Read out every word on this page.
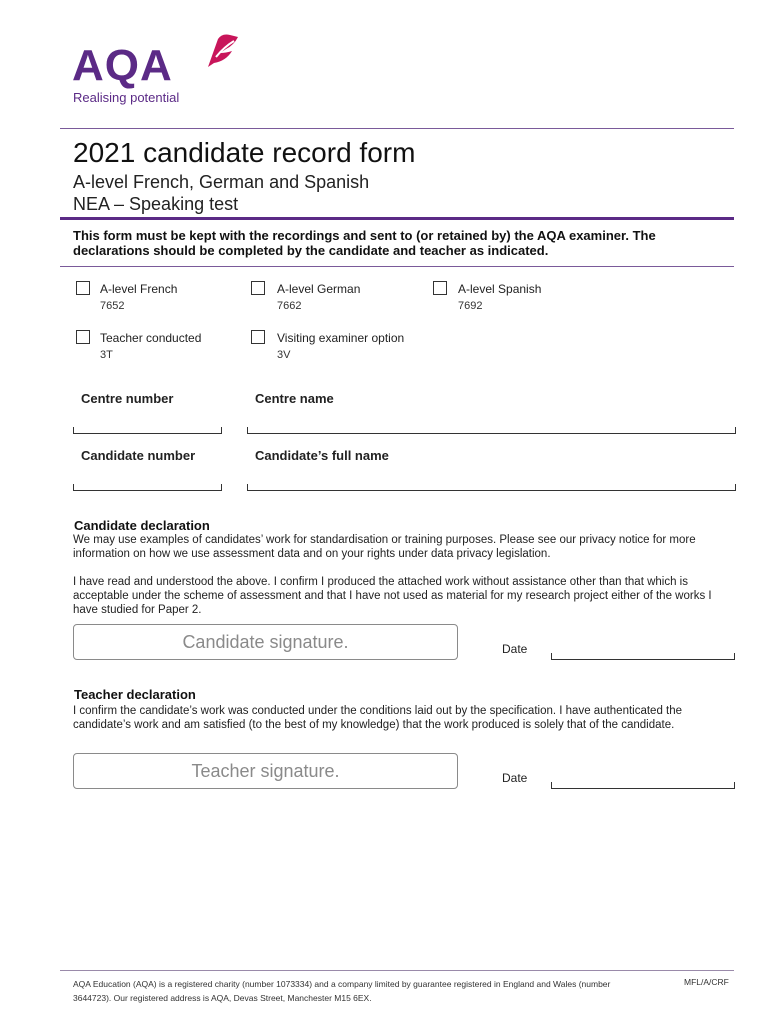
AQA
Realising potential
2021 candidate record form
A-level French, German and Spanish
NEA – Speaking test
This form must be kept with the recordings and sent to (or retained by) the AQA examiner. The declarations should be completed by the candidate and teacher as indicated.
A-level French
7652
A-level German
7662
A-level Spanish
7692
Teacher conducted
3T
Visiting examiner option
3V
Centre number	Centre name
Candidate number	Candidate’s full name
Candidate declaration
We may use examples of candidates’ work for standardisation or training purposes. Please see our privacy notice for more information on how we use assessment data and on your rights under data privacy legislation.
I have read and understood the above. I confirm I produced the attached work without assistance other than that which is acceptable under the scheme of assessment and that I have not used as material for my research project either of the works I have studied for Paper 2.
Candidate signature.	Date
Teacher declaration
I confirm the candidate’s work was conducted under the conditions laid out by the specification. I have authenticated the candidate’s work and am satisfied (to the best of my knowledge) that the work produced is solely that of the candidate.
Teacher signature.	Date
AQA Education (AQA) is a registered charity (number 1073334) and a company limited by guarantee registered in England and Wales (number 3644723). Our registered address is AQA, Devas Street, Manchester M15 6EX.
MFL/A/CRF
